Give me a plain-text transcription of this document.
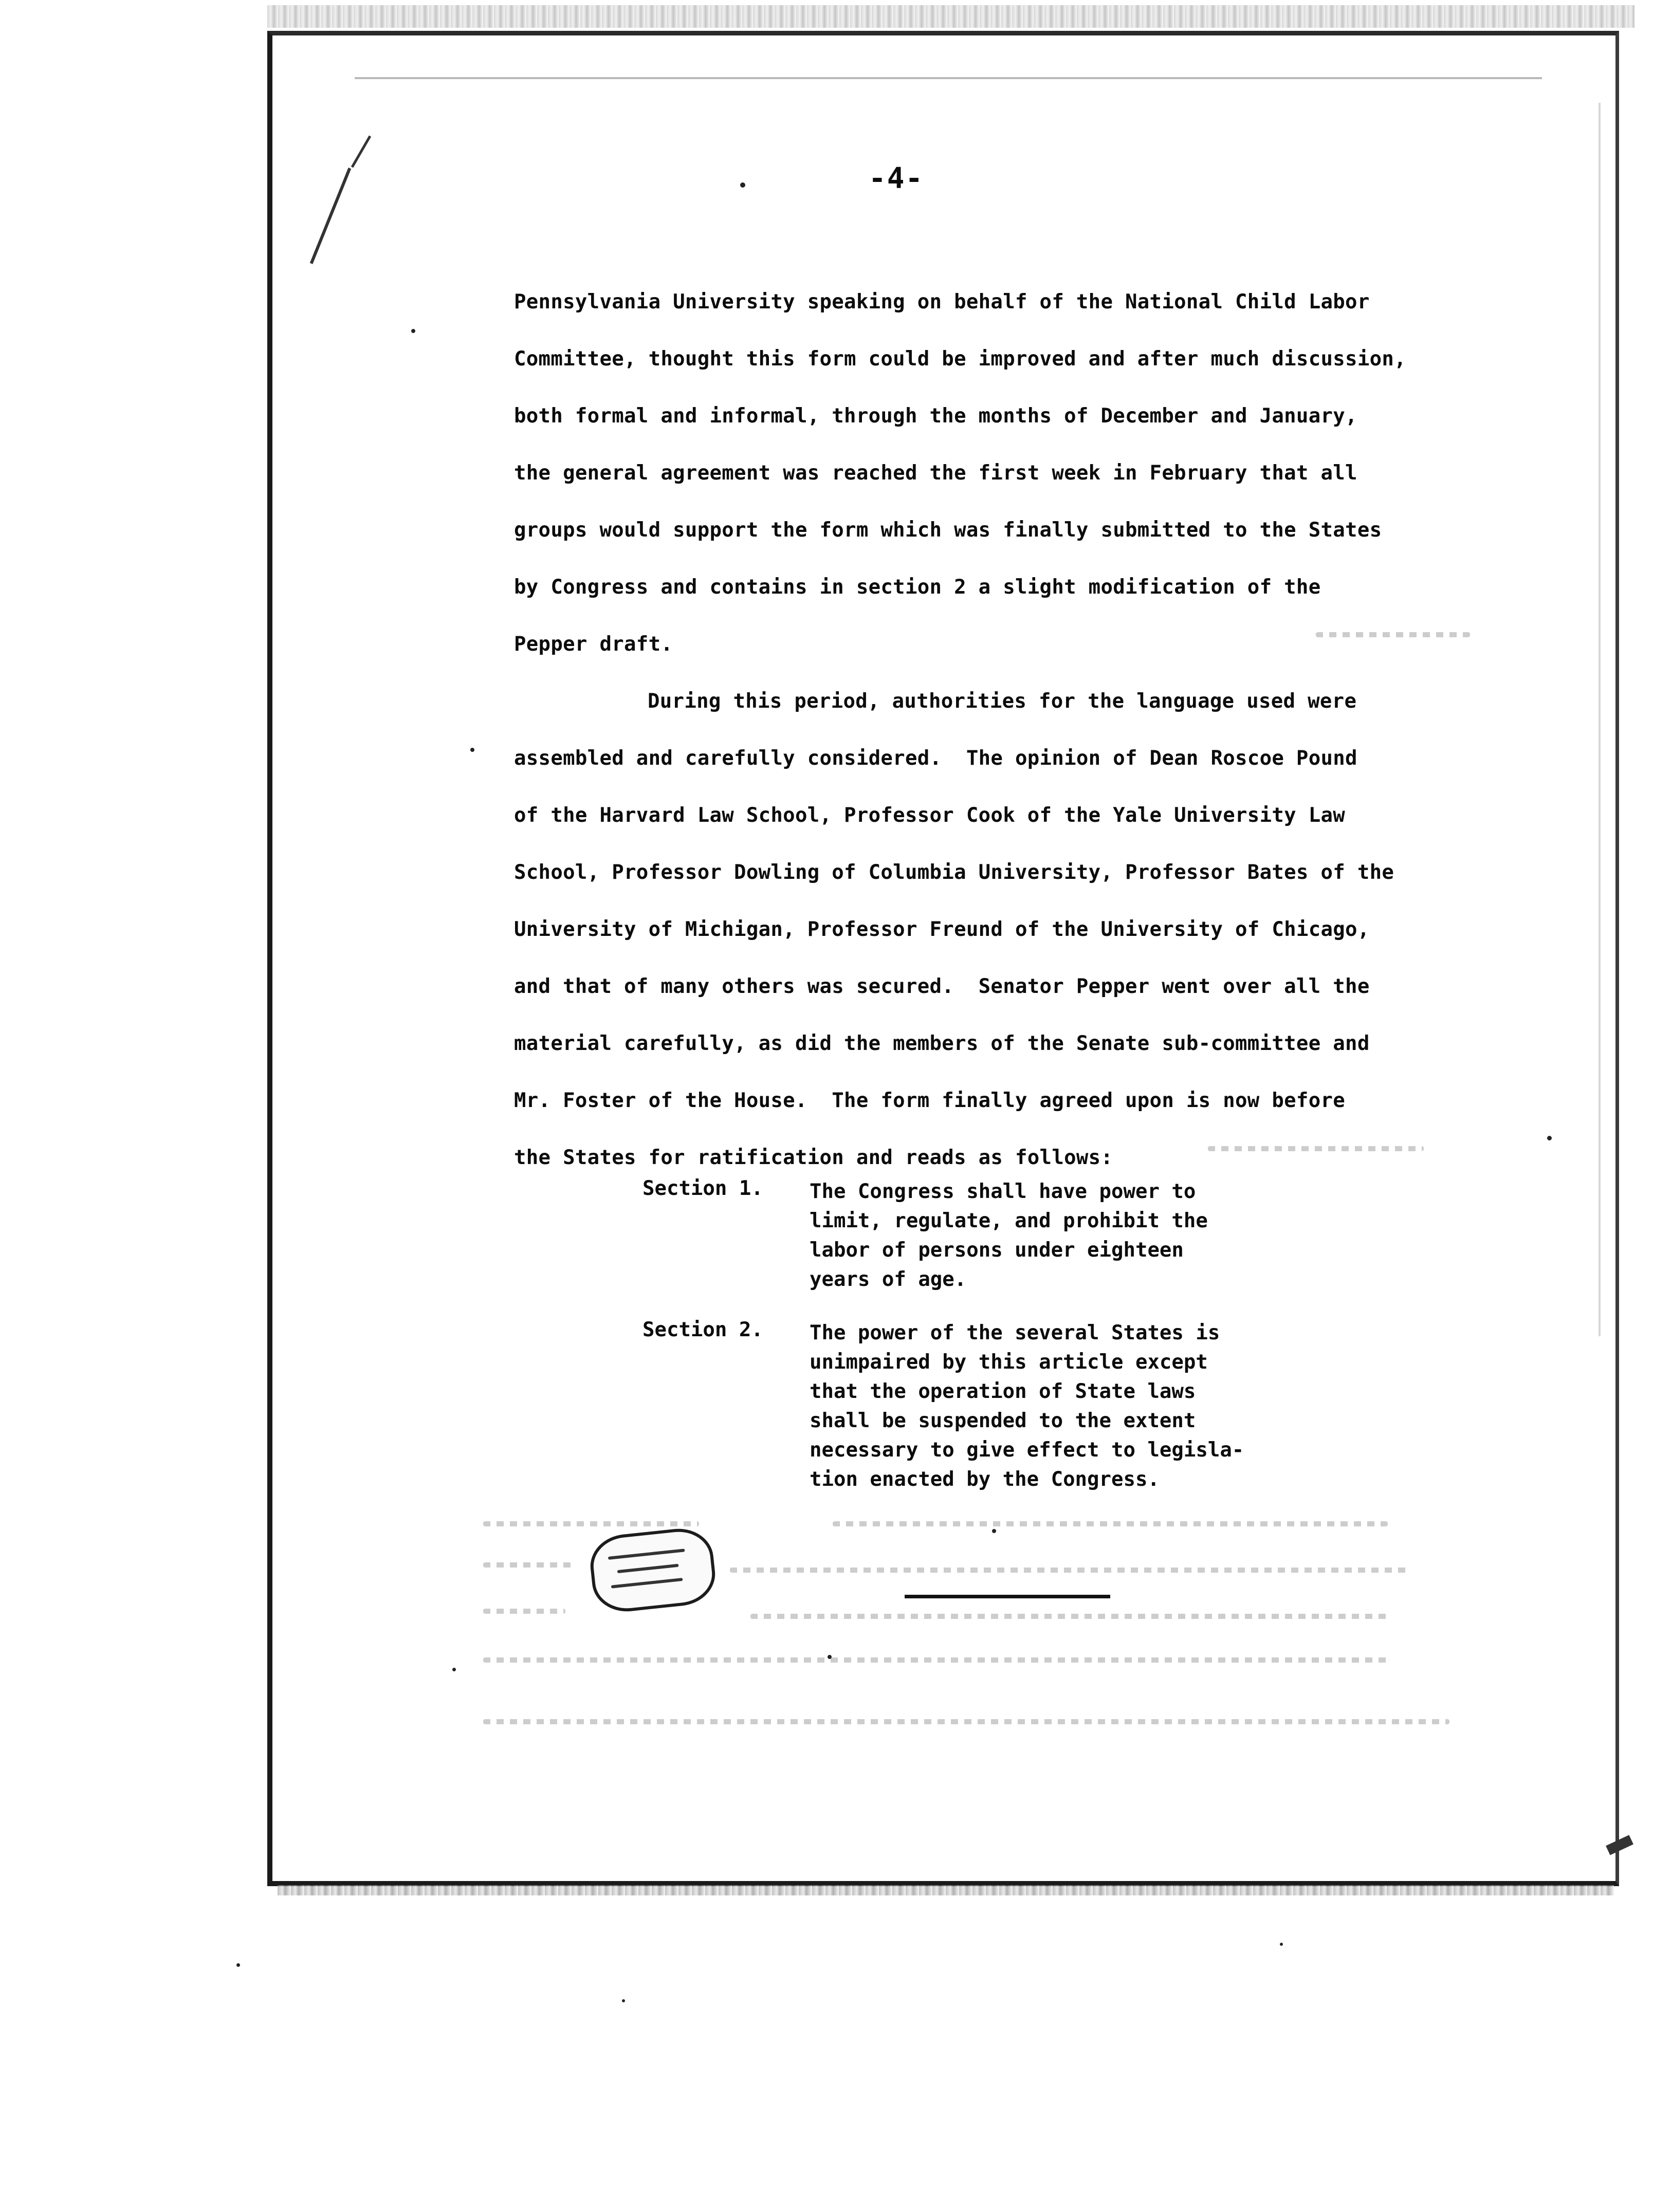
-4-
Pennsylvania University speaking on behalf of the National Child Labor
Committee, thought this form could be improved and after much discussion,
both formal and informal, through the months of December and January,
the general agreement was reached the first week in February that all
groups would support the form which was finally submitted to the States
by Congress and contains in section 2 a slight modification of the
Pepper draft.
During this period, authorities for the language used were
assembled and carefully considered.  The opinion of Dean Roscoe Pound
of the Harvard Law School, Professor Cook of the Yale University Law
School, Professor Dowling of Columbia University, Professor Bates of the
University of Michigan, Professor Freund of the University of Chicago,
and that of many others was secured.  Senator Pepper went over all the
material carefully, as did the members of the Senate sub-committee and
Mr. Foster of the House.  The form finally agreed upon is now before
the States for ratification and reads as follows:
Section 1. The Congress shall have power to
limit, regulate, and prohibit the
labor of persons under eighteen
years of age.
Section 2. The power of the several States is
unimpaired by this article except
that the operation of State laws
shall be suspended to the extent
necessary to give effect to legisla-
tion enacted by the Congress.
